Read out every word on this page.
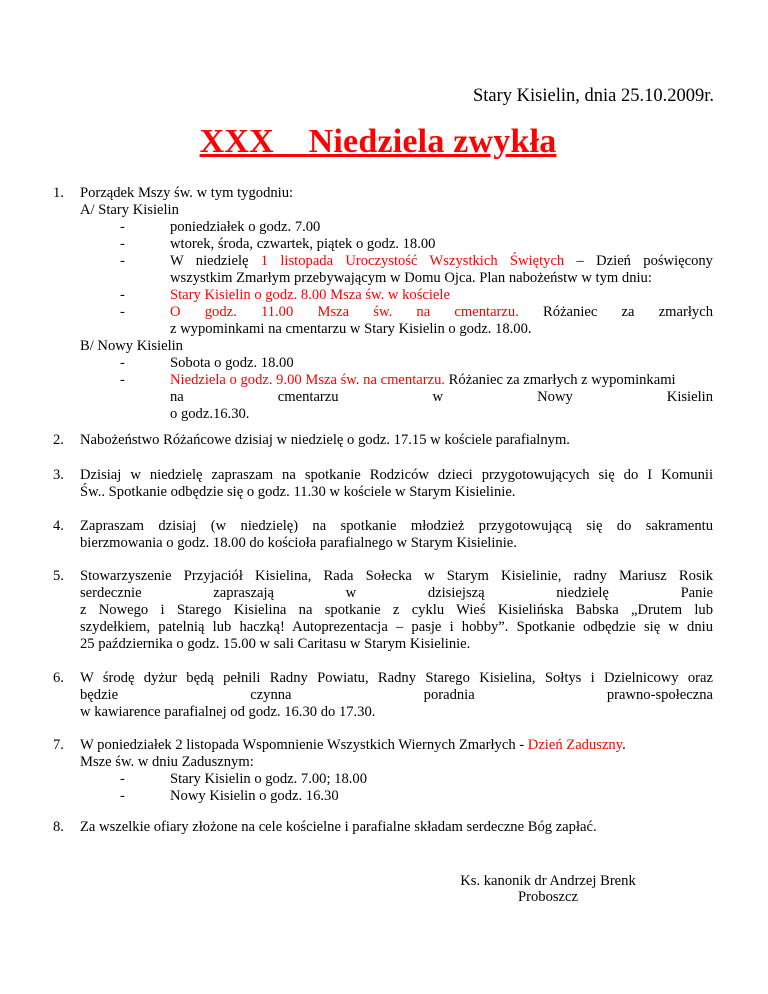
Stary Kisielin, dnia 25.10.2009r.
XXX Niedziela zwykła
1. Porządek Mszy św. w tym tygodniu:
A/ Stary Kisielin
-	poniedziałek o godz. 7.00
-	wtorek, środa, czwartek, piątek o godz. 18.00
-	W niedzielę 1 listopada Uroczystość Wszystkich Świętych – Dzień poświęcony
wszystkim Zmarłym przebywającym w Domu Ojca. Plan nabożeństw w tym dniu:
-	Stary Kisielin o godz. 8.00 Msza św. w kościele
-	O godz. 11.00 Msza św. na cmentarzu. Różaniec za zmarłych
z wypominkami na cmentarzu w Stary Kisielin o godz. 18.00.
B/ Nowy Kisielin
-	Sobota o godz. 18.00
-	Niedziela o godz. 9.00 Msza św. na cmentarzu. Różaniec za zmarłych z wypominkami
na cmentarzu w Nowy Kisielin
o godz.16.30.
2. Nabożeństwo Różańcowe dzisiaj w niedzielę o godz. 17.15 w kościele parafialnym.
3. Dzisiaj w niedzielę zapraszam na spotkanie Rodziców dzieci przygotowujących się do I Komunii
Św.. Spotkanie odbędzie się o godz. 11.30 w kościele w Starym Kisielinie.
4. Zapraszam dzisiaj (w niedzielę) na spotkanie młodzież przygotowującą się do sakramentu
bierzmowania o godz. 18.00 do kościoła parafialnego w Starym Kisielinie.
5. Stowarzyszenie Przyjaciół Kisielina, Rada Sołecka w Starym Kisielinie, radny Mariusz Rosik
serdecznie zapraszają w dzisiejszą niedzielę Panie
z Nowego i Starego Kisielina na spotkanie z cyklu Wieś Kisielińska Babska „Drutem lub
szydełkiem, patelnią lub haczką! Autoprezentacja – pasje i hobby”. Spotkanie odbędzie się w dniu
25 października o godz. 15.00 w sali Caritasu w Starym Kisielinie.
6. W środę dyżur będą pełnili Radny Powiatu, Radny Starego Kisielina, Sołtys i Dzielnicowy oraz
będzie czynna poradnia prawno-społeczna
w kawiarence parafialnej od godz. 16.30 do 17.30.
7. W poniedziałek 2 listopada Wspomnienie Wszystkich Wiernych Zmarłych - Dzień Zaduszny.
Msze św. w dniu Zadusznym:
-	Stary Kisielin o godz. 7.00; 18.00
-	Nowy Kisielin o godz. 16.30
8. Za wszelkie ofiary złożone na cele kościelne i parafialne składam serdeczne Bóg zapłać.
Ks. kanonik dr Andrzej Brenk
Proboszcz
